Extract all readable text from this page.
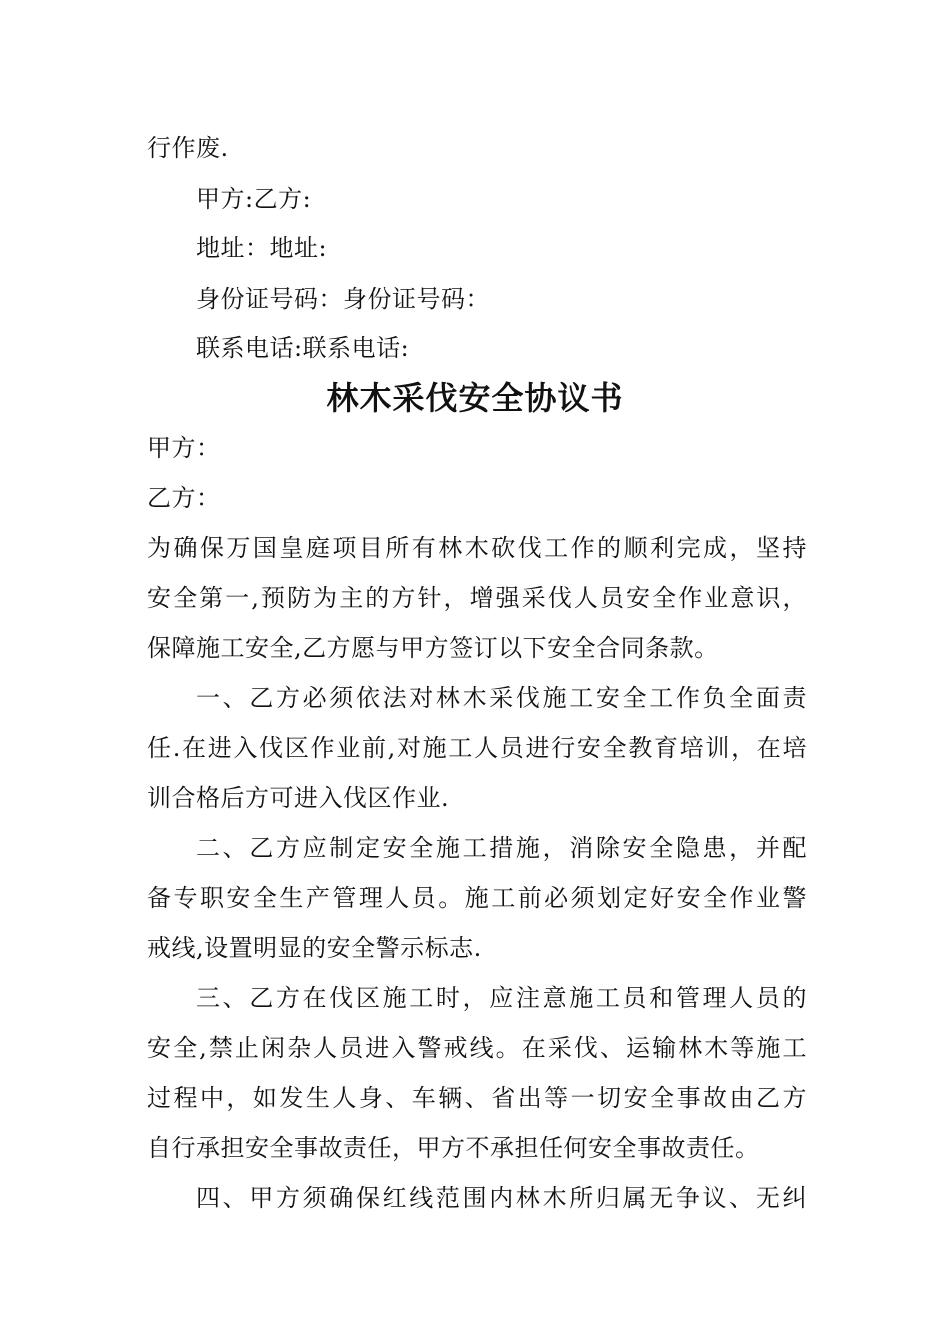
行作废.
甲方:乙方:
地址：地址:
身份证号码：身份证号码：
联系电话:联系电话:
林木采伐安全协议书
甲方：
乙方：
为确保万国皇庭项目所有林木砍伐工作的顺利完成，坚持
安全第一,预防为主的方针，增强采伐人员安全作业意识，
保障施工安全,乙方愿与甲方签订以下安全合同条款。
一、乙方必须依法对林木采伐施工安全工作负全面责
任.在进入伐区作业前,对施工人员进行安全教育培训，在培
训合格后方可进入伐区作业.
二、乙方应制定安全施工措施，消除安全隐患，并配
备专职安全生产管理人员。施工前必须划定好安全作业警
戒线,设置明显的安全警示标志.
三、乙方在伐区施工时，应注意施工员和管理人员的
安全,禁止闲杂人员进入警戒线。在采伐、运输林木等施工
过程中，如发生人身、车辆、省出等一切安全事故由乙方
自行承担安全事故责任，甲方不承担任何安全事故责任。
四、甲方须确保红线范围内林木所归属无争议、无纠
